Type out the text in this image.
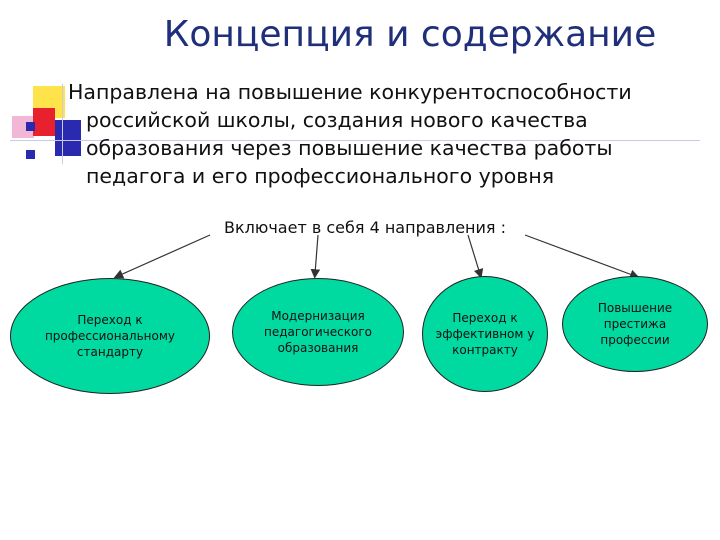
Концепция и содержание
Направлена на повышение конкурентоспособности
российской школы, создания нового качества
образования через повышение качества работы
педагога и его профессионального уровня
Включает в себя 4 направления :
Переход к профессиональному стандарту
Модернизация педагогического образования
Переход к эффективном у контракту
Повышение престижа профессии
